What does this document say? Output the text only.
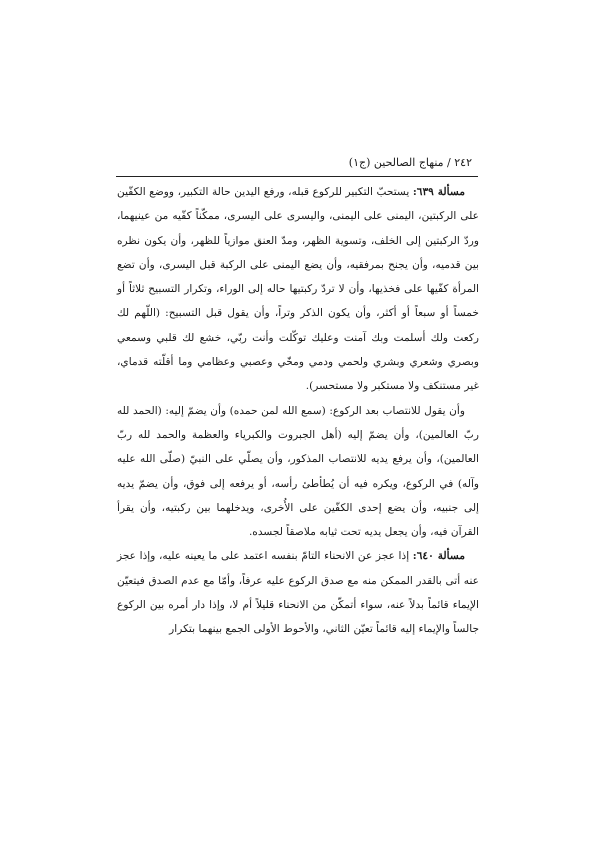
٢٤٢ / منهاج الصالحين (ج١)

مسألة ٦٣٩: يستحبّ التكبير للركوع قبله، ورفع اليدين حالة التكبير، ووضع الكفّين على الركبتين، اليمنى على اليمنى، واليسرى على اليسرى، ممكّناً كفّيه من عينيهما، وردّ الركبتين إلى الخلف، وتسوية الظهر، ومدّ العنق موازياً للظهر، وأن يكون نظره بين قدميه، وأن يجنح بمرفقيه، وأن يضع اليمنى على الركبة قبل اليسرى، وأن تضع المرأة كفّيها على فخذيها، وأن لا تردّ ركبتيها حاله إلى الوراء، وتكرار التسبيح ثلاثاً أو خمساً أو سبعاً أو أكثر، وأن يكون الذكر وتراً، وأن يقول قبل التسبيح: (اللّهم لك ركعت ولك أسلمت وبك آمنت وعليك توكّلت وأنت ربّي، خشع لك قلبي وسمعي وبصري وشعري وبشري ولحمي ودمي ومخّي وعصبي وعظامي وما أقلّته قدماي، غير مستنكف ولا مستكبر ولا مستحسر).

وأن يقول للانتصاب بعد الركوع: (سمع الله لمن حمده) وأن يضمّ إليه: (الحمد لله ربّ العالمين)، وأن يضمّ إليه (أهل الجبروت والكبرياء والعظمة والحمد لله ربّ العالمين)، وأن يرفع يديه للانتصاب المذكور، وأن يصلّي على النبيّ (صلّى الله عليه وآله) في الركوع، ويكره فيه أن يُطأطئ رأسه، أو يرفعه إلى فوق، وأن يضمّ يديه إلى جنبيه، وأن يضع إحدى الكفّين على الأُخرى، ويدخلهما بين ركبتيه، وأن يقرأ القرآن فيه، وأن يجعل يديه تحت ثيابه ملاصقاً لجسده.

مسألة ٦٤٠: إذا عجز عن الانحناء التامّ بنفسه اعتمد على ما يعينه عليه، وإذا عجز عنه أتى بالقدر الممكن منه مع صدق الركوع عليه عرفاً، وأمّا مع عدم الصدق فيتعيّن الإيماء قائماً بدلاً عنه، سواء أتمكّن من الانحناء قليلاً أم لا، وإذا دار أمره بين الركوع جالساً والإيماء إليه قائماً تعيّن الثاني، والأحوط الأولى الجمع بينهما بتكرار
